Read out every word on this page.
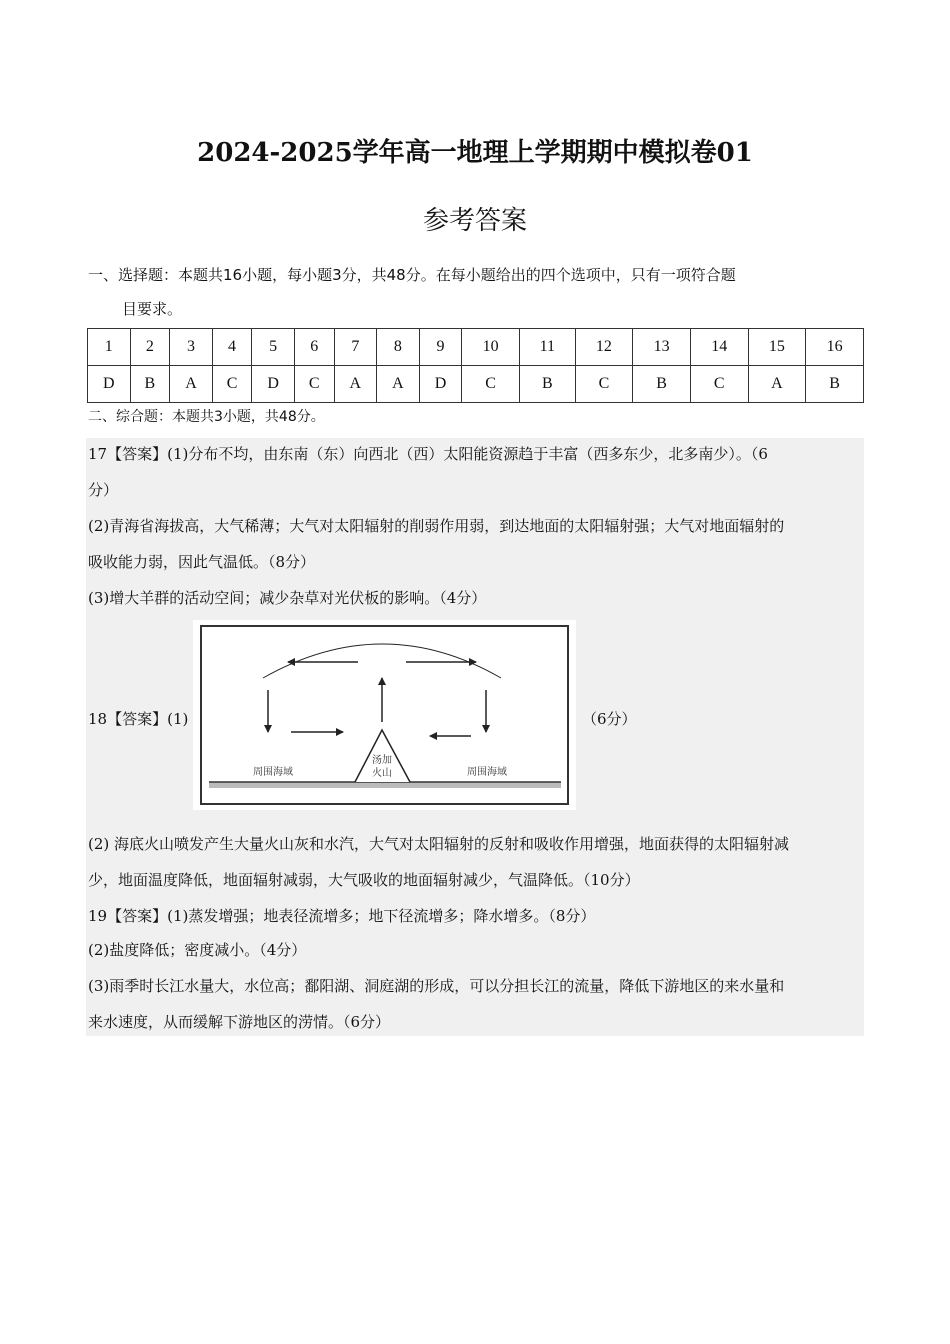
2024-2025学年高一地理上学期期中模拟卷01
参考答案
一、选择题：本题共16小题，每小题3分，共48分。在每小题给出的四个选项中，只有一项符合题
目要求。
1	2	3	4	5	6	7	8	9	10	11	12	13	14	15	16
D	B	A	C	D	C	A	A	D	C	B	C	B	C	A	B
二、综合题：本题共3小题，共48分。
17【答案】(1)分布不均，由东南（东）向西北（西）太阳能资源趋于丰富（西多东少，北多南少）。（6
分）
(2)青海省海拔高，大气稀薄；大气对太阳辐射的削弱作用弱，到达地面的太阳辐射强；大气对地面辐射的
吸收能力弱，因此气温低。（8分）
(3)增大羊群的活动空间；减少杂草对光伏板的影响。（4分）
18【答案】(1)
汤加
火山
周围海域	周围海域
（6分）
(2) 海底火山喷发产生大量火山灰和水汽，大气对太阳辐射的反射和吸收作用增强，地面获得的太阳辐射减
少，地面温度降低，地面辐射减弱，大气吸收的地面辐射减少，气温降低。（10分）
19【答案】(1)蒸发增强；地表径流增多；地下径流增多；降水增多。（8分）
(2)盐度降低；密度减小。（4分）
(3)雨季时长江水量大，水位高；鄱阳湖、洞庭湖的形成，可以分担长江的流量，降低下游地区的来水量和
来水速度，从而缓解下游地区的涝情。（6分）
